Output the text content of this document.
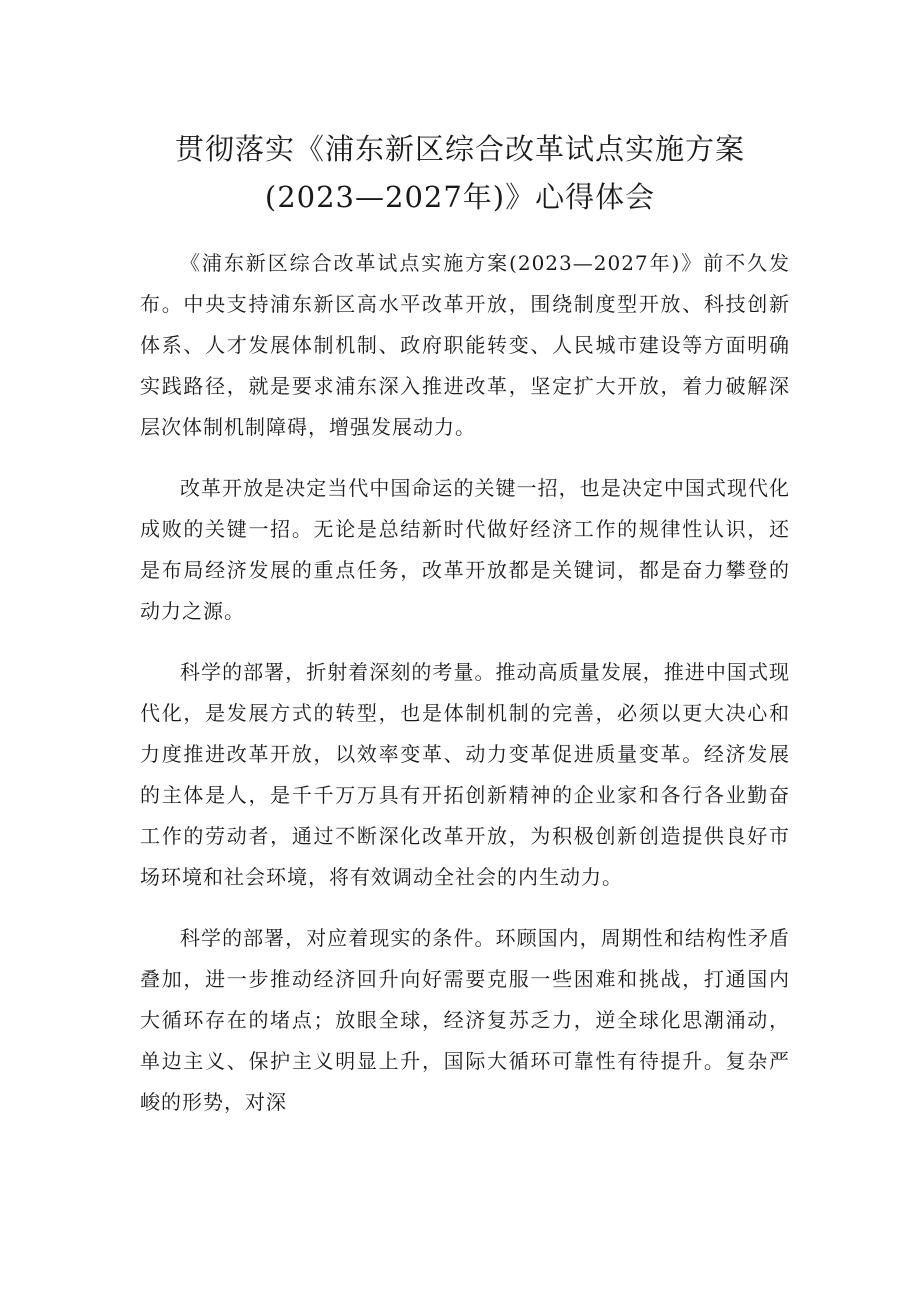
贯彻落实《浦东新区综合改革试点实施方案
(2023—2027年)》心得体会

《浦东新区综合改革试点实施方案(2023—2027年)》前不久发布。中央支持浦东新区高水平改革开放，围绕制度型开放、科技创新体系、人才发展体制机制、政府职能转变、人民城市建设等方面明确实践路径，就是要求浦东深入推进改革，坚定扩大开放，着力破解深层次体制机制障碍，增强发展动力。

改革开放是决定当代中国命运的关键一招，也是决定中国式现代化成败的关键一招。无论是总结新时代做好经济工作的规律性认识，还是布局经济发展的重点任务，改革开放都是关键词，都是奋力攀登的动力之源。

科学的部署，折射着深刻的考量。推动高质量发展，推进中国式现代化，是发展方式的转型，也是体制机制的完善，必须以更大决心和力度推进改革开放，以效率变革、动力变革促进质量变革。经济发展的主体是人，是千千万万具有开拓创新精神的企业家和各行各业勤奋工作的劳动者，通过不断深化改革开放，为积极创新创造提供良好市场环境和社会环境，将有效调动全社会的内生动力。

科学的部署，对应着现实的条件。环顾国内，周期性和结构性矛盾叠加，进一步推动经济回升向好需要克服一些困难和挑战，打通国内大循环存在的堵点；放眼全球，经济复苏乏力，逆全球化思潮涌动，单边主义、保护主义明显上升，国际大循环可靠性有待提升。复杂严峻的形势，对深
